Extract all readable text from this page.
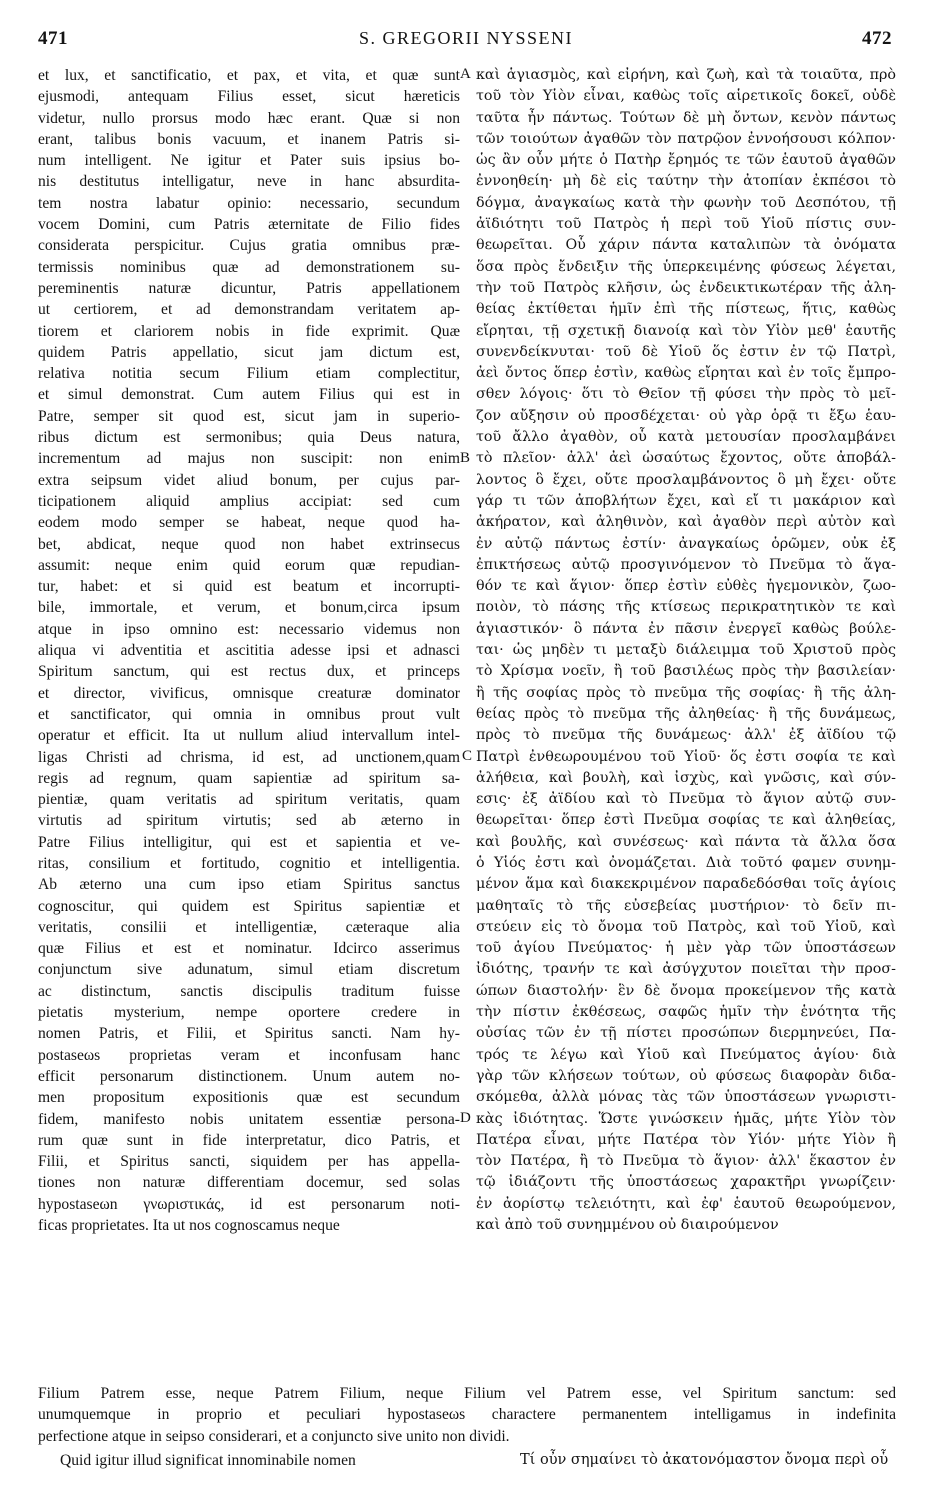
471	S. GREGORII NYSSENI	472
et lux, et sanctificatio, et pax, et vita, et quæ sunt
ejusmodi, antequam Filius esset, sicut hæreticis
videtur, nullo prorsus modo hæc erant. Quæ si non
erant, talibus bonis vacuum, et inanem Patris si-
num intelligent. Ne igitur et Pater suis ipsius bo-
nis destitutus intelligatur, neve in hanc absurdita-
tem nostra labatur opinio: necessario, secundum
vocem Domini, cum Patris æternitate de Filio fides
considerata perspicitur. Cujus gratia omnibus præ-
termissis nominibus quæ ad demonstrationem su-
pereminentis naturæ dicuntur, Patris appellationem
ut certiorem, et ad demonstrandam veritatem ap-
tiorem et clariorem nobis in fide exprimit. Quæ
quidem Patris appellatio, sicut jam dictum est,
relativa notitia secum Filium etiam complectitur,
et simul demonstrat. Cum autem Filius qui est in
Patre, semper sit quod est, sicut jam in superio-
ribus dictum est sermonibus; quia Deus natura,
incrementum ad majus non suscipit: non enim
extra seipsum videt aliud bonum, per cujus par-
ticipationem aliquid amplius accipiat: sed cum
eodem modo semper se habeat, neque quod ha-
bet, abdicat, neque quod non habet extrinsecus
assumit: neque enim quid eorum quæ repudian-
tur, habet: et si quid est beatum et incorrupti-
bile, immortale, et verum, et bonum,circa ipsum
atque in ipso omnino est: necessario videmus non
aliqua vi adventitia et ascititia adesse ipsi et adnasci
Spiritum sanctum, qui est rectus dux, et princeps
et director, vivificus, omnisque creaturæ dominator
et sanctificator, qui omnia in omnibus prout vult
operatur et efficit. Ita ut nullum aliud intervallum intel-
ligas Christi ad chrisma, id est, ad unctionem,quam
regis ad regnum, quam sapientiæ ad spiritum sa-
pientiæ, quam veritatis ad spiritum veritatis, quam
virtutis ad spiritum virtutis; sed ab æterno in
Patre Filius intelligitur, qui est et sapientia et ve-
ritas, consilium et fortitudo, cognitio et intelligentia.
Ab æterno una cum ipso etiam Spiritus sanctus
cognoscitur, qui quidem est Spiritus sapientiæ et
veritatis, consilii et intelligentiæ, cæteraque alia
quæ Filius et est et nominatur. Idcirco asserimus
conjunctum sive adunatum, simul etiam discretum
ac distinctum, sanctis discipulis traditum fuisse
pietatis mysterium, nempe oportere credere in
nomen Patris, et Filii, et Spiritus sancti. Nam hy-
postaseωs proprietas veram et inconfusam hanc
efficit personarum distinctionem. Unum autem no-
men propositum expositionis quæ est secundum
fidem, manifesto nobis unitatem essentiæ persona-
rum quæ sunt in fide interpretatur, dico Patris, et
Filii, et Spiritus sancti, siquidem per has appella-
tiones non naturæ differentiam docemur, sed solas
hypostaseωn γνωριστικάς, id est personarum noti-
ficas proprietates. Ita ut nos cognoscamus neque
καὶ ἁγιασμὸς, καὶ εἰρήνη, καὶ ζωὴ, καὶ τὰ τοιαῦτα, πρὸ
τοῦ τὸν Υἱὸν εἶναι, καθὼς τοῖς αἱρετικοῖς δοκεῖ, οὐδὲ
ταῦτα ἦν πάντως. Τούτων δὲ μὴ ὄντων, κενὸν πάντως
τῶν τοιούτων ἀγαθῶν τὸν πατρῷον ἐννοήσουσι κόλπον·
ὡς ἂν οὖν μήτε ὁ Πατὴρ ἔρημός τε τῶν ἑαυτοῦ ἀγαθῶν
ἐννοηθείη· μὴ δὲ εἰς ταύτην τὴν ἀτοπίαν ἐκπέσοι τὸ
δόγμα, ἀναγκαίως κατὰ τὴν φωνὴν τοῦ Δεσπότου, τῇ
ἀϊδιότητι τοῦ Πατρὸς ἡ περὶ τοῦ Υἱοῦ πίστις συν-
θεωρεῖται. Οὗ χάριν πάντα καταλιπὼν τὰ ὀνόματα
ὅσα πρὸς ἔνδειξιν τῆς ὑπερκειμένης φύσεως λέγεται,
τὴν τοῦ Πατρὸς κλῆσιν, ὡς ἐνδεικτικωτέραν τῆς ἀλη-
θείας ἐκτίθεται ἡμῖν ἐπὶ τῆς πίστεως, ἥτις, καθὼς
εἴρηται, τῇ σχετικῇ διανοίᾳ καὶ τὸν Υἱὸν μεθ' ἑαυτῆς
συνενδείκνυται· τοῦ δὲ Υἱοῦ ὅς ἐστιν ἐν τῷ Πατρὶ,
ἀεὶ ὄντος ὅπερ ἐστὶν, καθὼς εἴρηται καὶ ἐν τοῖς ἔμπρο-
σθεν λόγοις· ὅτι τὸ Θεῖον τῇ φύσει τὴν πρὸς τὸ μεῖ-
ζον αὔξησιν οὐ προσδέχεται· οὐ γὰρ ὁρᾷ τι ἔξω ἑαυ-
τοῦ ἄλλο ἀγαθὸν, οὗ κατὰ μετουσίαν προσλαμβάνει
τὸ πλεῖον· ἀλλ' ἀεὶ ὡσαύτως ἔχοντος, οὔτε ἀποβάλ-
λοντος ὃ ἔχει, οὔτε προσλαμβάνοντος ὃ μὴ ἔχει· οὔτε
γάρ τι τῶν ἀποβλήτων ἔχει, καὶ εἴ τι μακάριον καὶ
ἀκήρατον, καὶ ἀληθινὸν, καὶ ἀγαθὸν περὶ αὐτὸν καὶ
ἐν αὐτῷ πάντως ἐστίν· ἀναγκαίως ὁρῶμεν, οὐκ ἐξ
ἐπικτήσεως αὐτῷ προσγινόμενον τὸ Πνεῦμα τὸ ἅγα-
θόν τε καὶ ἅγιον· ὅπερ ἐστὶν εὐθὲς ἡγεμονικὸν, ζωο-
ποιὸν, τὸ πάσης τῆς κτίσεως περικρατητικὸν τε καὶ
ἁγιαστικόν· ὃ πάντα ἐν πᾶσιν ἐνεργεῖ καθὼς βούλε-
ται· ὡς μηδὲν τι μεταξὺ διάλειμμα τοῦ Χριστοῦ πρὸς
τὸ Χρίσμα νοεῖν, ἢ τοῦ βασιλέως πρὸς τὴν βασιλείαν·
ἢ τῆς σοφίας πρὸς τὸ πνεῦμα τῆς σοφίας· ἢ τῆς ἀλη-
θείας πρὸς τὸ πνεῦμα τῆς ἀληθείας· ἢ τῆς δυνάμεως,
πρὸς τὸ πνεῦμα τῆς δυνάμεως· ἀλλ' ἐξ ἀϊδίου τῷ
Πατρὶ ἐνθεωρουμένου τοῦ Υἱοῦ· ὅς ἐστι σοφία τε καὶ
ἀλήθεια, καὶ βουλὴ, καὶ ἰσχὺς, καὶ γνῶσις, καὶ σύν-
εσις· ἐξ ἀϊδίου καὶ τὸ Πνεῦμα τὸ ἅγιον αὐτῷ συν-
θεωρεῖται· ὅπερ ἐστὶ Πνεῦμα σοφίας τε καὶ ἀληθείας,
καὶ βουλῆς, καὶ συνέσεως· καὶ πάντα τὰ ἄλλα ὅσα
ὁ Υἱός ἐστι καὶ ὀνομάζεται. Διὰ τοῦτό φαμεν συνημ-
μένον ἅμα καὶ διακεκριμένον παραδεδόσθαι τοῖς ἁγίοις
μαθηταῖς τὸ τῆς εὐσεβείας μυστήριον· τὸ δεῖν πι-
στεύειν εἰς τὸ ὄνομα τοῦ Πατρὸς, καὶ τοῦ Υἱοῦ, καὶ
τοῦ ἁγίου Πνεύματος· ἡ μὲν γὰρ τῶν ὑποστάσεων
ἰδιότης, τρανήν τε καὶ ἀσύγχυτον ποιεῖται τὴν προσ-
ώπων διαστολήν· ἓν δὲ ὄνομα προκείμενον τῆς κατὰ
τὴν πίστιν ἐκθέσεως, σαφῶς ἡμῖν τὴν ἑνότητα τῆς
οὐσίας τῶν ἐν τῇ πίστει προσώπων διερμηνεύει, Πα-
τρός τε λέγω καὶ Υἱοῦ καὶ Πνεύματος ἁγίου· διὰ
γὰρ τῶν κλήσεων τούτων, οὐ φύσεως διαφορὰν διδα-
σκόμεθα, ἀλλὰ μόνας τὰς τῶν ὑποστάσεων γνωριστι-
κὰς ἰδιότητας. Ὥστε γινώσκειν ἡμᾶς, μήτε Υἱὸν τὸν
Πατέρα εἶναι, μήτε Πατέρα τὸν Υἱόν· μήτε Υἱὸν ἢ
τὸν Πατέρα, ἢ τὸ Πνεῦμα τὸ ἅγιον· ἀλλ' ἕκαστον ἐν
τῷ ἰδιάζοντι τῆς ὑποστάσεως χαρακτῆρι γνωρίζειν·
ἐν ἀορίστῳ τελειότητι, καὶ ἐφ' ἑαυτοῦ θεωρούμενον,
καὶ ἀπὸ τοῦ συνημμένου οὐ διαιρούμενον
A
B
C
D
Filium Patrem esse, neque Patrem Filium, neque Filium vel Patrem esse, vel Spiritum sanctum: sed
unumquemque in proprio et peculiari hypostaseωs charactere permanentem intelligamus in indefinita
perfectione atque in seipso considerari, et a conjuncto sive unito non dividi.
Quid igitur illud significat innominabile nomen	Τί οὖν σημαίνει τὸ ἀκατονόμαστον ὄνομα περὶ οὗ
